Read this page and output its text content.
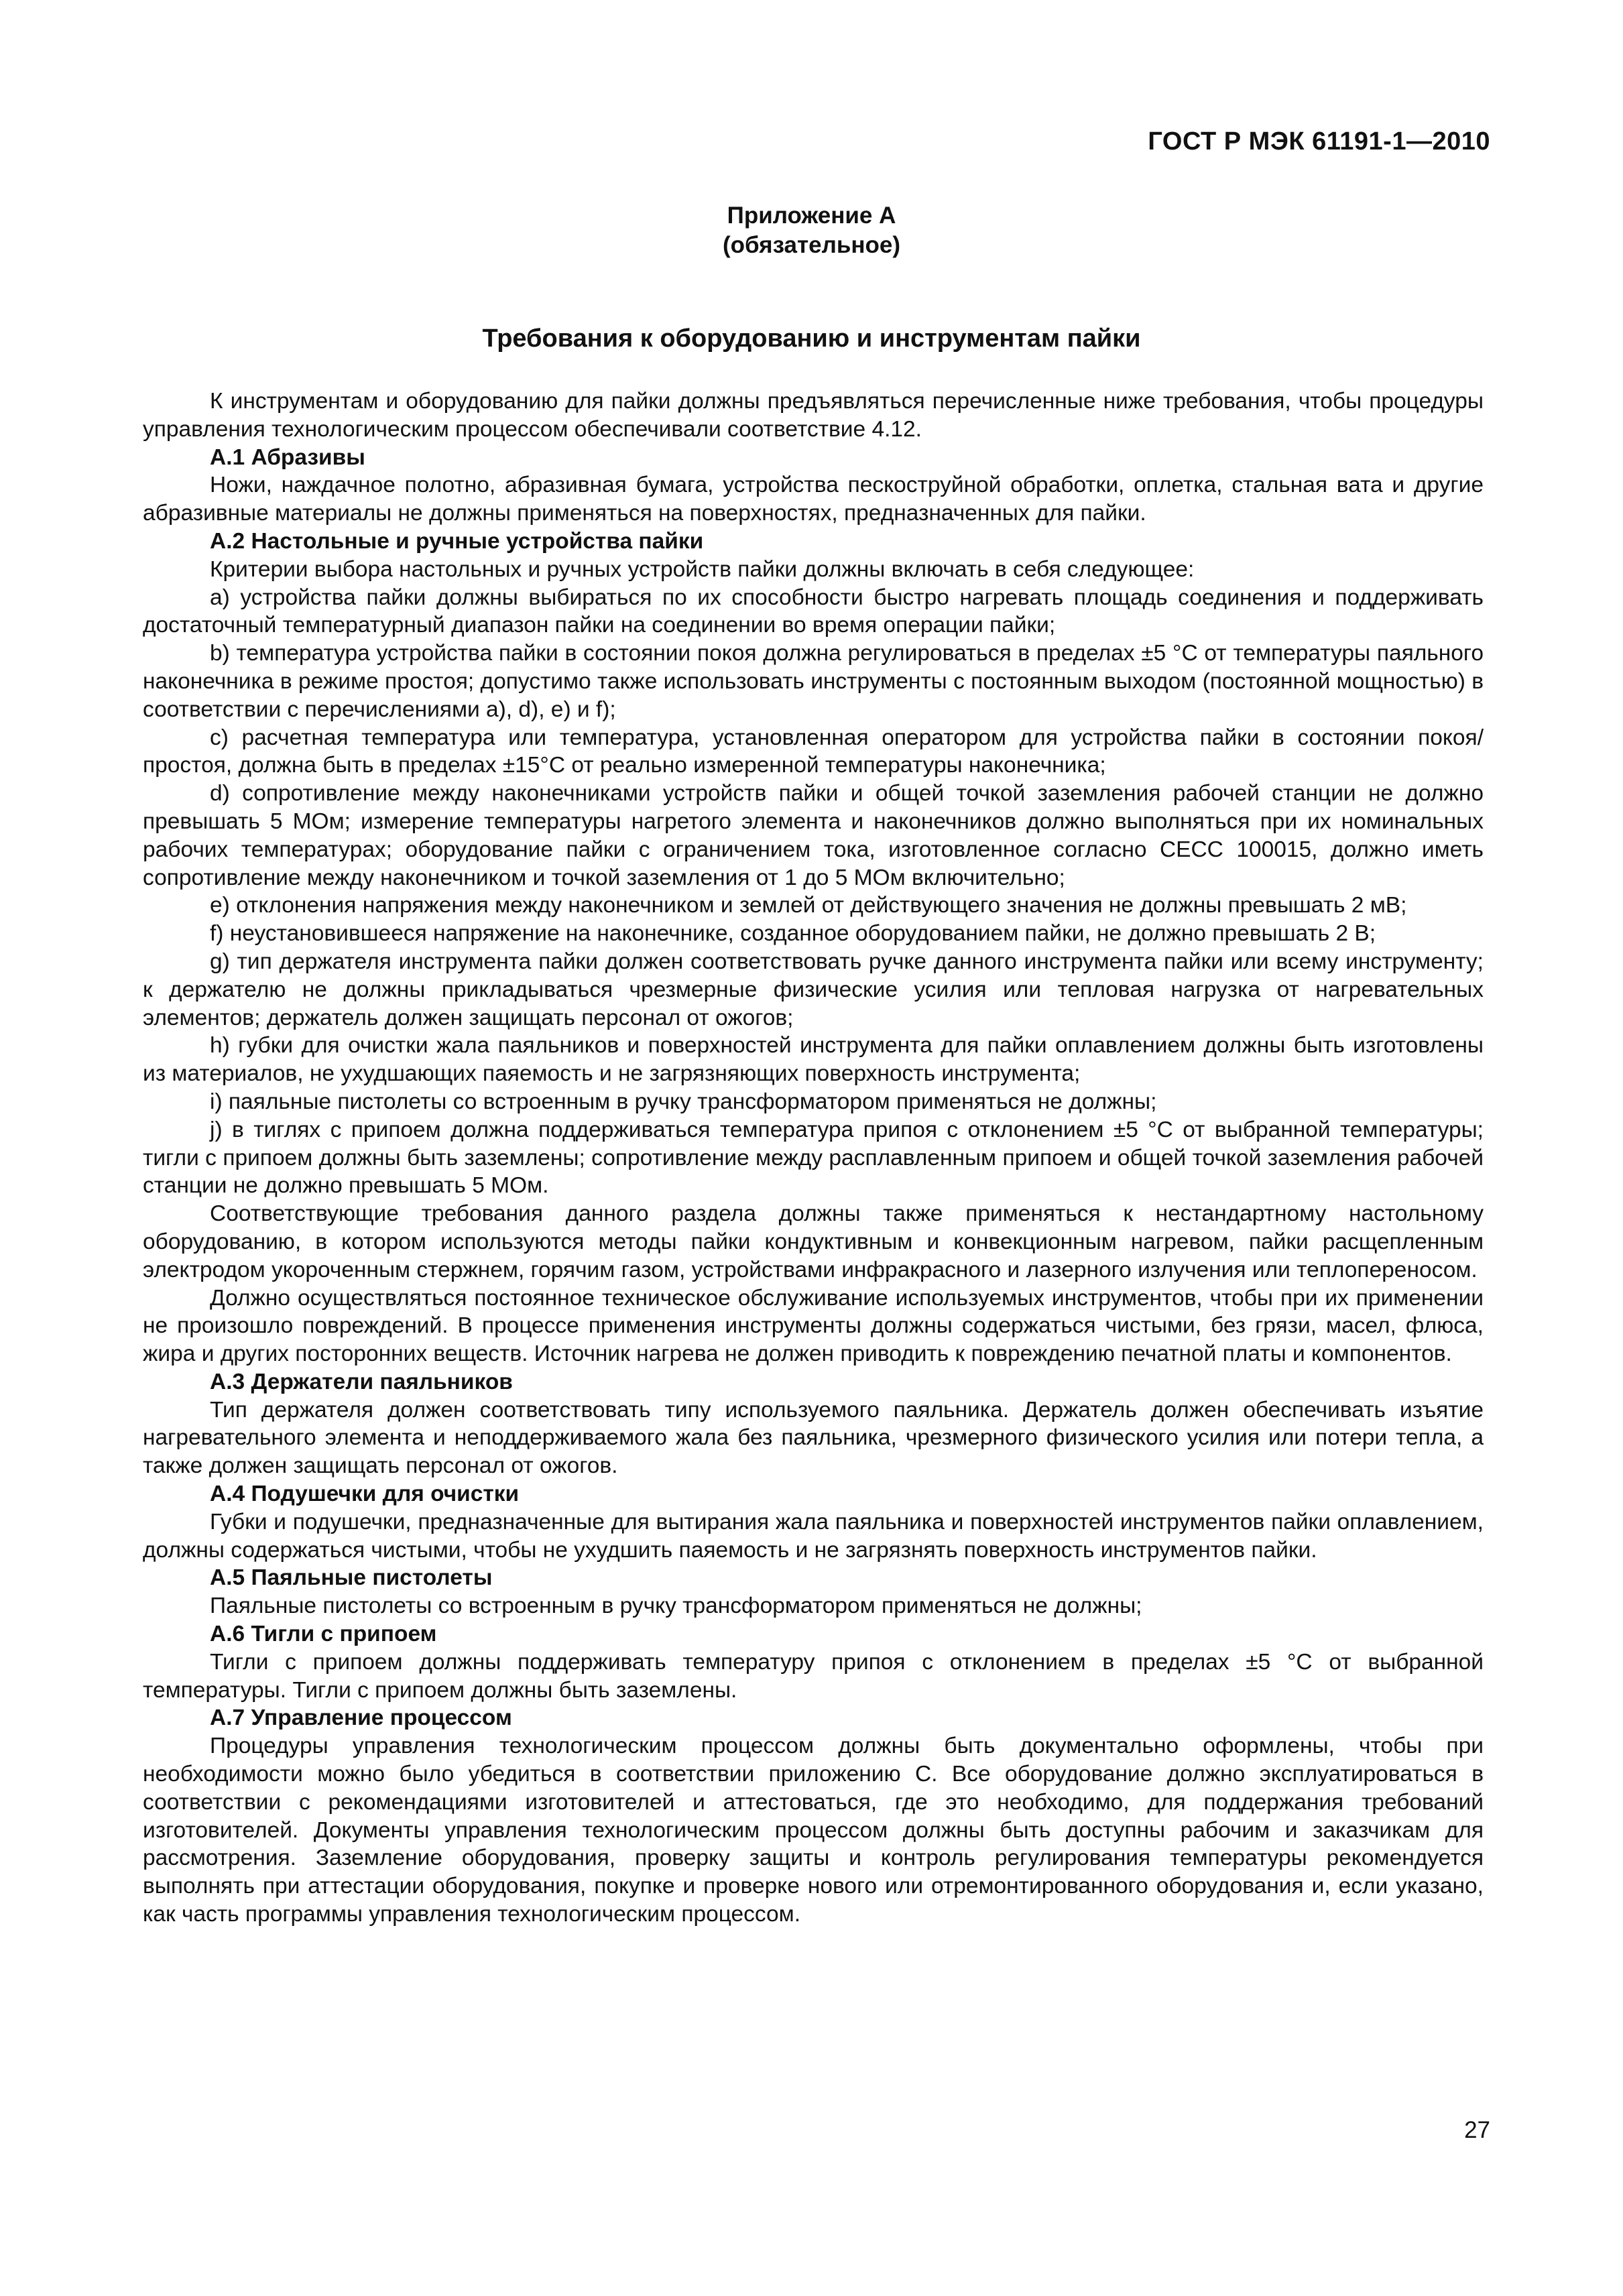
ГОСТ Р МЭК 61191-1—2010
Приложение А
(обязательное)
Требования к оборудованию и инструментам пайки

К инструментам и оборудованию для пайки должны предъявляться перечисленные ниже требования, чтобы процедуры управления технологическим процессом обеспечивали соответствие 4.12.

А.1 Абразивы

Ножи, наждачное полотно, абразивная бумага, устройства пескоструйной обработки, оплетка, стальная вата и другие абразивные материалы не должны применяться на поверхностях, предназначенных для пайки.

А.2 Настольные и ручные устройства пайки

Критерии выбора настольных и ручных устройств пайки должны включать в себя следующее:

а) устройства пайки должны выбираться по их способности быстро нагревать площадь соединения и поддерживать достаточный температурный диапазон пайки на соединении во время операции пайки;

b) температура устройства пайки в состоянии покоя должна регулироваться в пределах ±5 °С от температуры паяльного наконечника в режиме простоя; допустимо также использовать инструменты с постоянным выходом (постоянной мощностью) в соответствии с перечислениями а), d), е) и f);

с) расчетная температура или температура, установленная оператором для устройства пайки в состоянии покоя/простоя, должна быть в пределах ±15°С от реально измеренной температуры наконечника;

d) сопротивление между наконечниками устройств пайки и общей точкой заземления рабочей станции не должно превышать 5 МОм; измерение температуры нагретого элемента и наконечников должно выполняться при их номинальных рабочих температурах; оборудование пайки с ограничением тока, изготовленное согласно СЕСС 100015, должно иметь сопротивление между наконечником и точкой заземления от 1 до 5 МОм включительно;

е) отклонения напряжения между наконечником и землей от действующего значения не должны превышать 2 мВ;

f) неустановившееся напряжение на наконечнике, созданное оборудованием пайки, не должно превышать 2 В;

g) тип держателя инструмента пайки должен соответствовать ручке данного инструмента пайки или всему инструменту; к держателю не должны прикладываться чрезмерные физические усилия или тепловая нагрузка от нагревательных элементов; держатель должен защищать персонал от ожогов;

h) губки для очистки жала паяльников и поверхностей инструмента для пайки оплавлением должны быть изготовлены из материалов, не ухудшающих паяемость и не загрязняющих поверхность инструмента;

i) паяльные пистолеты со встроенным в ручку трансформатором применяться не должны;

j) в тиглях с припоем должна поддерживаться температура припоя с отклонением ±5 °С от выбранной температуры; тигли с припоем должны быть заземлены; сопротивление между расплавленным припоем и общей точкой заземления рабочей станции не должно превышать 5 МОм.

Соответствующие требования данного раздела должны также применяться к нестандартному настольному оборудованию, в котором используются методы пайки кондуктивным и конвекционным нагревом, пайки расщепленным электродом укороченным стержнем, горячим газом, устройствами инфракрасного и лазерного излучения или теплопереносом.

Должно осуществляться постоянное техническое обслуживание используемых инструментов, чтобы при их применении не произошло повреждений. В процессе применения инструменты должны содержаться чистыми, без грязи, масел, флюса, жира и других посторонних веществ. Источник нагрева не должен приводить к повреждению печатной платы и компонентов.

А.3 Держатели паяльников

Тип держателя должен соответствовать типу используемого паяльника. Держатель должен обеспечивать изъятие нагревательного элемента и неподдерживаемого жала без паяльника, чрезмерного физического усилия или потери тепла, а также должен защищать персонал от ожогов.

А.4 Подушечки для очистки

Губки и подушечки, предназначенные для вытирания жала паяльника и поверхностей инструментов пайки оплавлением, должны содержаться чистыми, чтобы не ухудшить паяемость и не загрязнять поверхность инструментов пайки.

А.5 Паяльные пистолеты

Паяльные пистолеты со встроенным в ручку трансформатором применяться не должны;

А.6 Тигли с припоем

Тигли с припоем должны поддерживать температуру припоя с отклонением в пределах ±5 °С от выбранной температуры. Тигли с припоем должны быть заземлены.

А.7 Управление процессом

Процедуры управления технологическим процессом должны быть документально оформлены, чтобы при необходимости можно было убедиться в соответствии приложению С. Все оборудование должно эксплуатироваться в соответствии с рекомендациями изготовителей и аттестоваться, где это необходимо, для поддержания требований изготовителей. Документы управления технологическим процессом должны быть доступны рабочим и заказчикам для рассмотрения. Заземление оборудования, проверку защиты и контроль регулирования температуры рекомендуется выполнять при аттестации оборудования, покупке и проверке нового или отремонтированного оборудования и, если указано, как часть программы управления технологическим процессом.

27
